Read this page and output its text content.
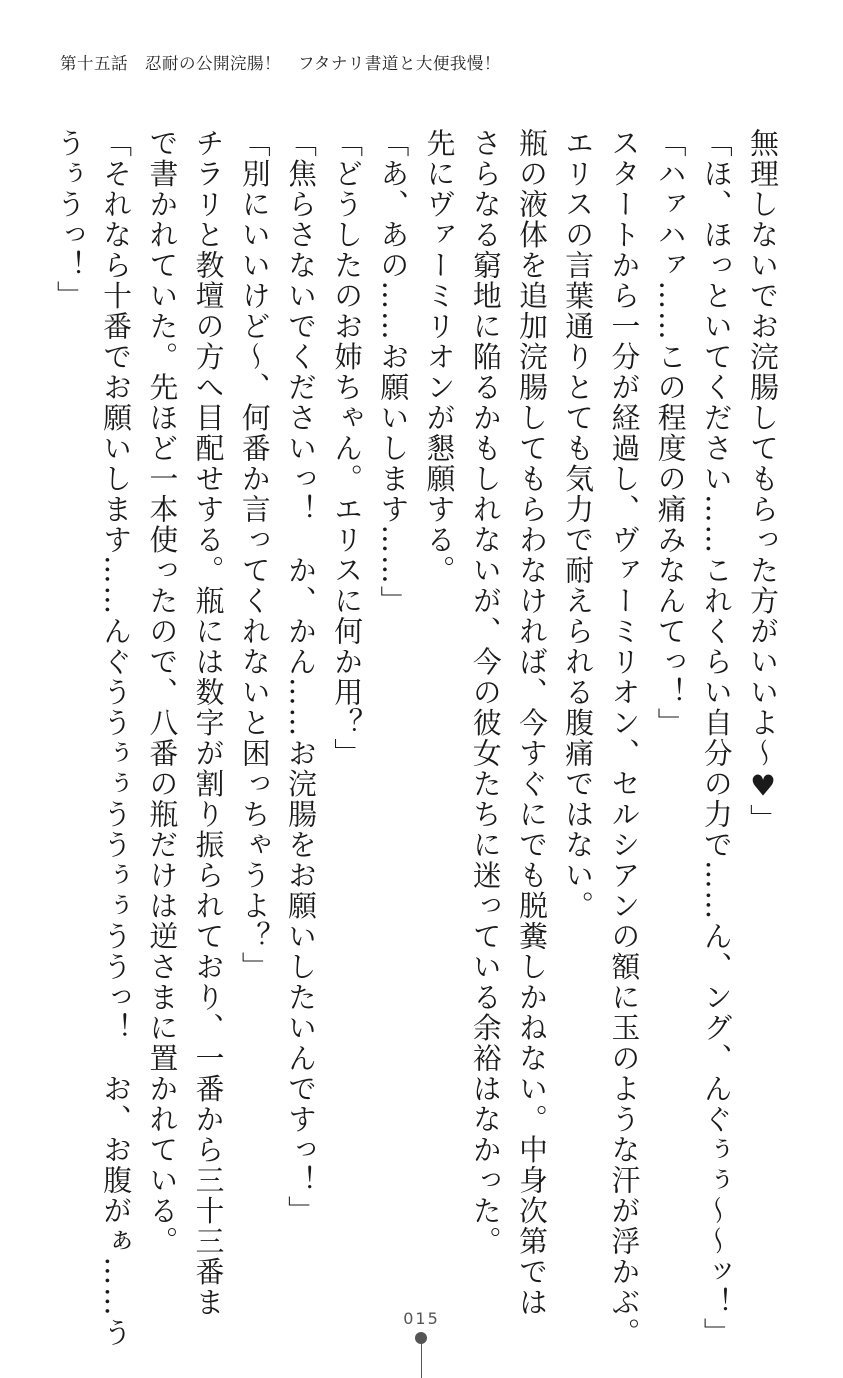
第十五話　忍耐の公開浣腸！　フタナリ書道と大便我慢！
無理しないでお浣腸してもらった方がいいよ～♥」
「ほ、ほっといてください……これくらい自分の力で……ん、ング、んぐぅぅ～～ッ！」
「ハァハァ……この程度の痛みなんてっ！」
スタートから一分が経過し、ヴァーミリオン、セルシアンの額に玉のような汗が浮かぶ。
エリスの言葉通りとても気力で耐えられる腹痛ではない。
瓶の液体を追加浣腸してもらわなければ、今すぐにでも脱糞しかねない。中身次第では
さらなる窮地に陥るかもしれないが、今の彼女たちに迷っている余裕はなかった。
先にヴァーミリオンが懇願する。
「あ、あの……お願いします……」
「どうしたのお姉ちゃん。エリスに何か用？」
「焦らさないでくださいっ！　か、かん……お浣腸をお願いしたいんですっ！」
「別にいいけど～、何番か言ってくれないと困っちゃうよ？」
チラリと教壇の方へ目配せする。瓶には数字が割り振られており、一番から三十三番ま
で書かれていた。先ほど一本使ったので、八番の瓶だけは逆さまに置かれている。
「それなら十番でお願いします……んぐううぅぅううぅぅううっ！　お、お腹がぁ……う
うぅうっ！」
015
